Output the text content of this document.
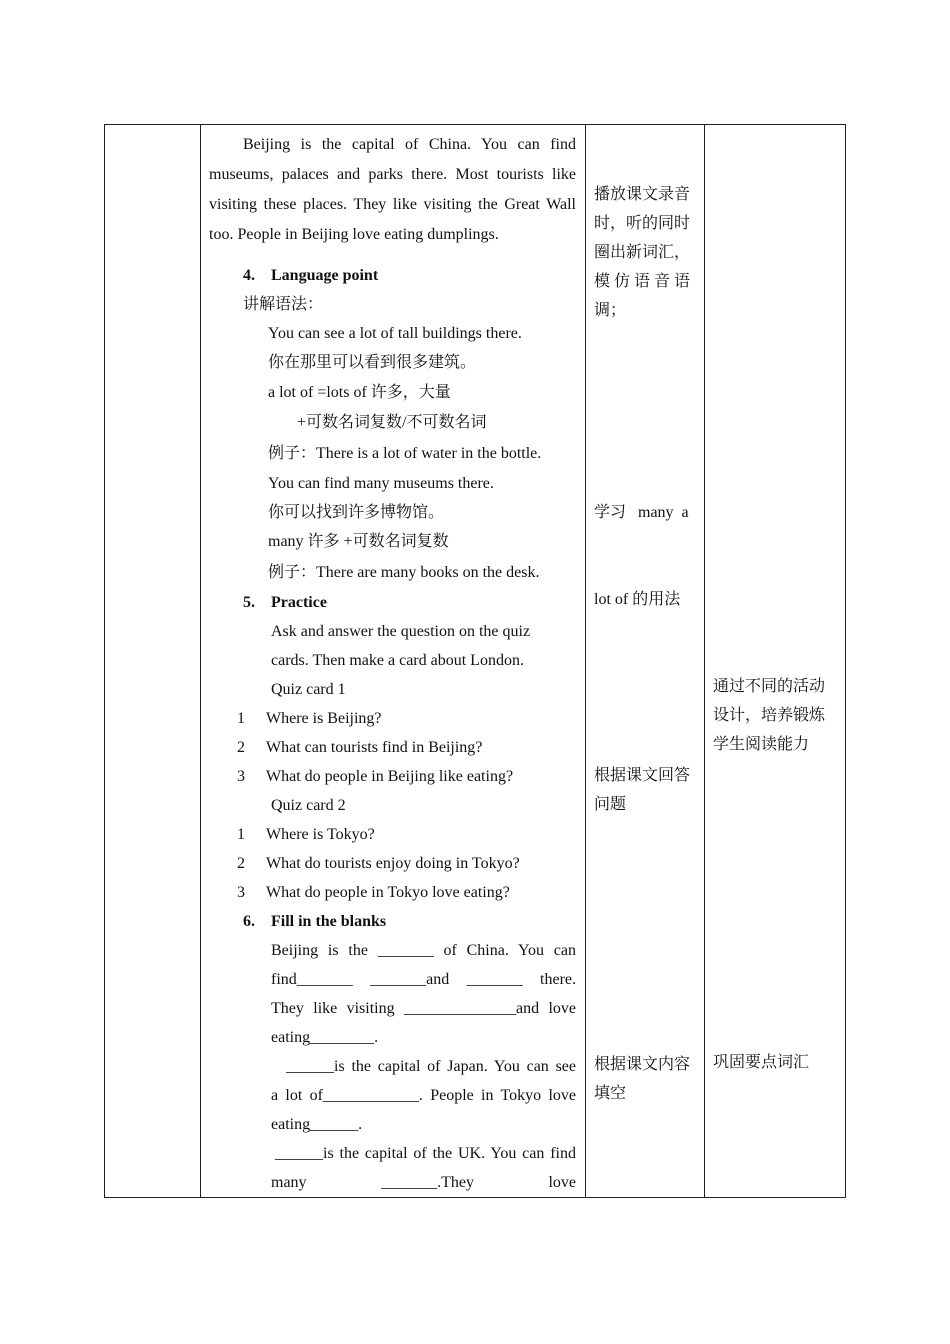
Beijing is the capital of China. You can find
museums, palaces and parks there. Most tourists like
visiting these places. They like visiting the Great Wall
too. People in Beijing love eating dumplings.
4. Language point
讲解语法：
You can see a lot of tall buildings there.
你在那里可以看到很多建筑。
a lot of =lots of 许多，大量
+可数名词复数/不可数名词
例子：There is a lot of water in the bottle.
You can find many museums there.
你可以找到许多博物馆。
many 许多 +可数名词复数
例子：There are many books on the desk.
5. Practice
Ask and answer the question on the quiz
cards. Then make a card about London.
Quiz card 1
1 Where is Beijing?
2 What can tourists find in Beijing?
3 What do people in Beijing like eating?
Quiz card 2
1 Where is Tokyo?
2 What do tourists enjoy doing in Tokyo?
3 What do people in Tokyo love eating?
6. Fill in the blanks
Beijing is the _______ of China. You can
find_______ _______and _______ there.
They like visiting ______________and love
eating________.
______is the capital of Japan. You can see
a lot of____________. People in Tokyo love
eating______.
______is the capital of the UK. You can find
many _______.They love
播放课文录音
时，听的同时
圈出新词汇，
模 仿 语 音 语
调；

学习   many  a

lot of 的用法

根据课文回答
问题
根据课文内容
填空
通过不同的活动
设计，培养锻炼
学生阅读能力
巩固要点词汇
